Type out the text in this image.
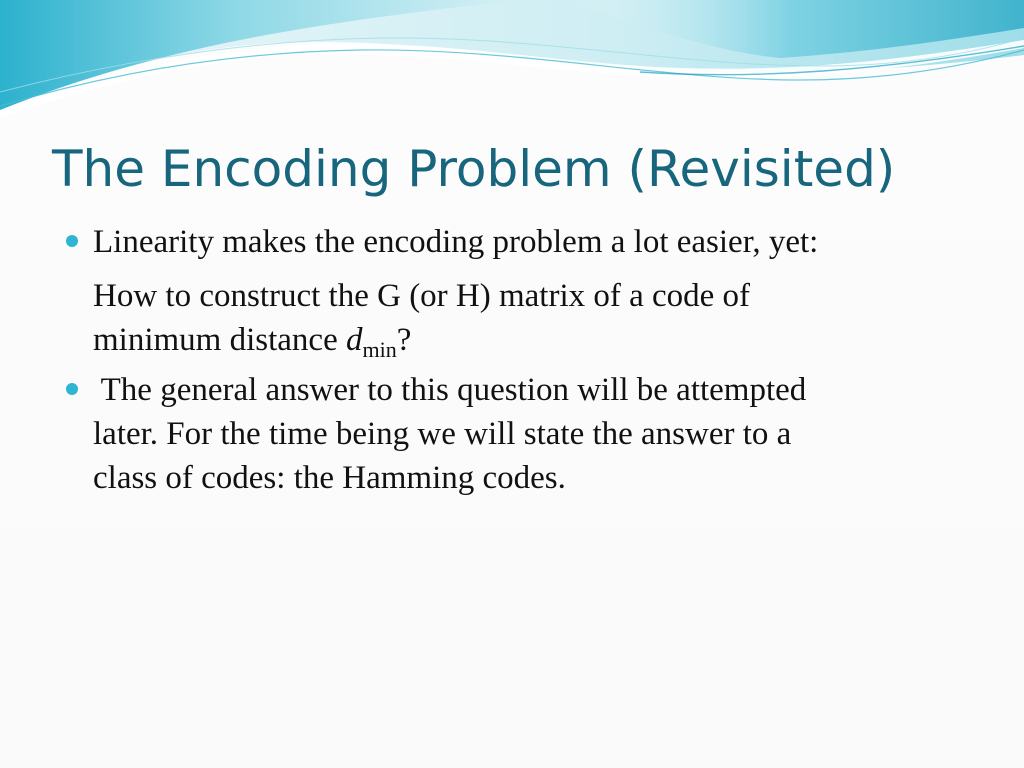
The Encoding Problem (Revisited)

Linearity makes the encoding problem a lot easier, yet:

How to construct the G (or H) matrix of a code of

minimum distance $d_{min}$?

The general answer to this question will be attempted

later. For the time being we will state the answer to a

class of codes: the Hamming codes.
